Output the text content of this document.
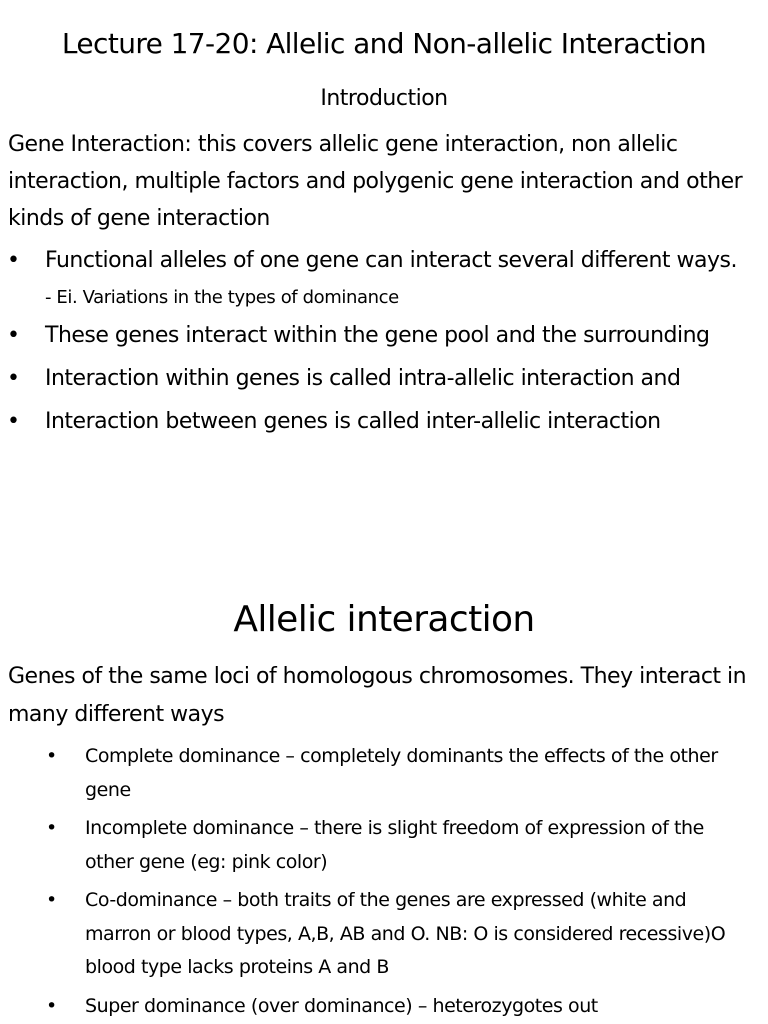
Lecture 17-20: Allelic and Non-allelic Interaction
Introduction
Gene Interaction: this covers allelic gene interaction, non allelic interaction, multiple factors and polygenic gene interaction and other kinds of gene interaction
• Functional alleles of one gene can interact several different ways.
- Ei. Variations in the types of dominance
• These genes interact within the gene pool and the surrounding
• Interaction within genes is called intra-allelic interaction and
• Interaction between genes is called inter-allelic interaction
Allelic interaction
Genes of the same loci of homologous chromosomes. They interact in many different ways
• Complete dominance – completely dominants the effects of the other gene
• Incomplete dominance – there is slight freedom of expression of the other gene (eg: pink color)
• Co-dominance – both traits of the genes are expressed (white and marron or blood types, A,B, AB and O. NB: O is considered recessive)O blood type lacks proteins A and B
• Super dominance (over dominance) – heterozygotes out
